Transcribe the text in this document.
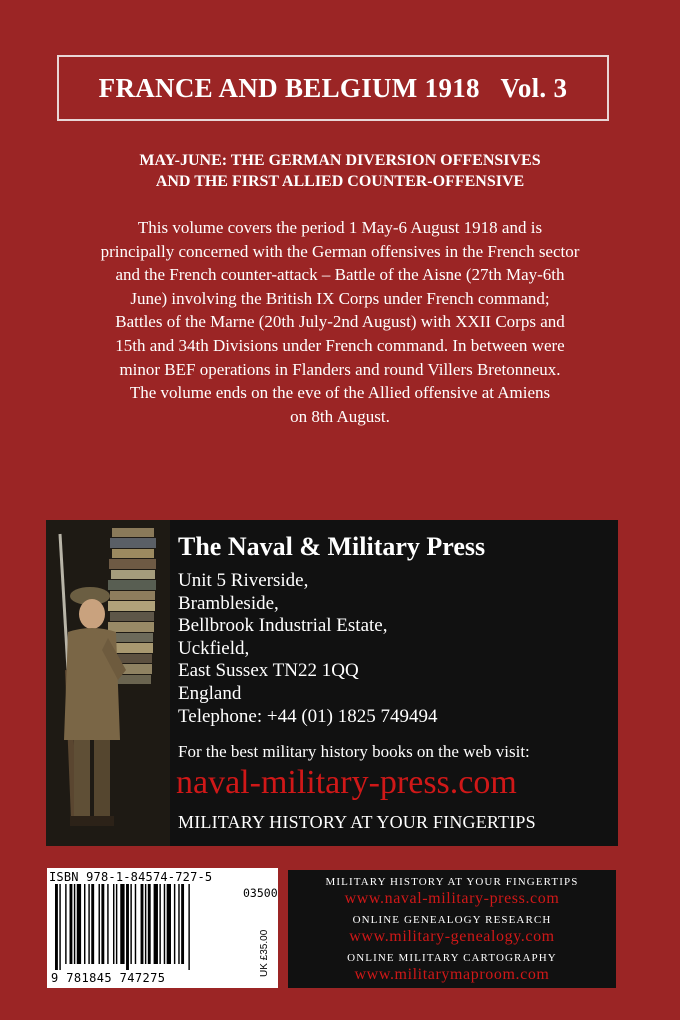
FRANCE AND BELGIUM 1918   Vol. 3
MAY-JUNE: THE GERMAN DIVERSION OFFENSIVES
AND THE FIRST ALLIED COUNTER-OFFENSIVE
This volume covers the period 1 May-6 August 1918 and is
principally concerned with the German offensives in the French sector
and the French counter-attack – Battle of the Aisne (27th May-6th
June) involving the British IX Corps under French command;
Battles of the Marne (20th July-2nd August) with XXII Corps and
15th and 34th Divisions under French command. In between were
minor BEF operations in Flanders and round Villers Bretonneux.
The volume ends on the eve of the Allied offensive at Amiens
on 8th August.
The Naval & Military Press
Unit 5 Riverside,
Brambleside,
Bellbrook Industrial Estate,
Uckfield,
East Sussex TN22 1QQ
England
Telephone: +44 (01) 1825 749494
For the best military history books on the web visit:
naval-military-press.com
MILITARY HISTORY AT YOUR FINGERTIPS
ISBN 978-1-84574-727-5
03500
9 781845 747275
UK £35.00
MILITARY HISTORY AT YOUR FINGERTIPS
www.naval-military-press.com
ONLINE GENEALOGY RESEARCH
www.military-genealogy.com
ONLINE MILITARY CARTOGRAPHY
www.militarymaproom.com
